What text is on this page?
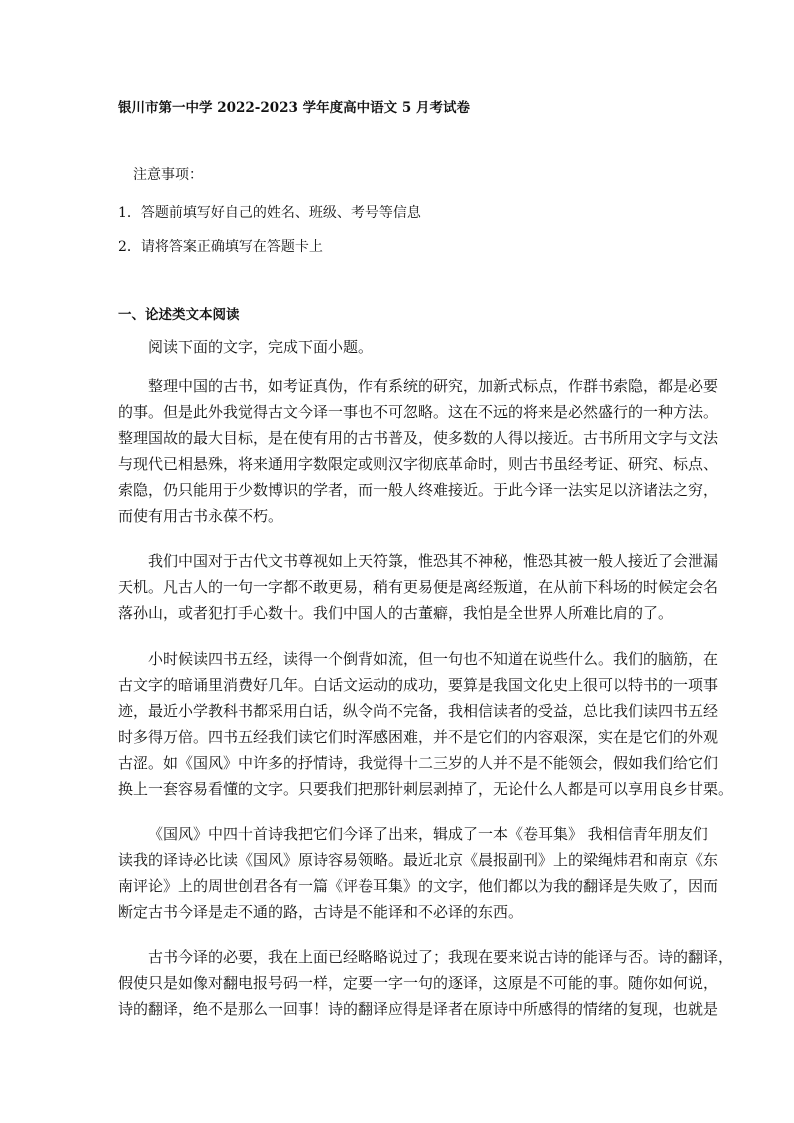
银川市第一中学 2022-2023 学年度高中语文 5 月考试卷
注意事项：
1．答题前填写好自己的姓名、班级、考号等信息
2．请将答案正确填写在答题卡上
一、论述类文本阅读
阅读下面的文字，完成下面小题。
整理中国的古书，如考证真伪，作有系统的研究，加新式标点，作群书索隐，都是必要
的事。但是此外我觉得古文今译一事也不可忽略。这在不远的将来是必然盛行的一种方法。
整理国故的最大目标，是在使有用的古书普及，使多数的人得以接近。古书所用文字与文法
与现代已相悬殊，将来通用字数限定或则汉字彻底革命时，则古书虽经考证、研究、标点、
索隐，仍只能用于少数博识的学者，而一般人终难接近。于此今译一法实足以济诸法之穷，
而使有用古书永葆不朽。
我们中国对于古代文书尊视如上天符箓，惟恐其不神秘，惟恐其被一般人接近了会泄漏
天机。凡古人的一句一字都不敢更易，稍有更易便是离经叛道，在从前下科场的时候定会名
落孙山，或者犯打手心数十。我们中国人的古董癖，我怕是全世界人所难比肩的了。
小时候读四书五经，读得一个倒背如流，但一句也不知道在说些什么。我们的脑筋，在
古文字的暗诵里消费好几年。白话文运动的成功，要算是我国文化史上很可以特书的一项事
迹，最近小学教科书都采用白话，纵令尚不完备，我相信读者的受益，总比我们读四书五经
时多得万倍。四书五经我们读它们时浑感困难，并不是它们的内容艰深，实在是它们的外观
古涩。如《国风》中许多的抒情诗，我觉得十二三岁的人并不是不能领会，假如我们给它们
换上一套容易看懂的文字。只要我们把那针刺层剥掉了，无论什么人都是可以享用良乡甘栗。
《国风》中四十首诗我把它们今译了出来，辑成了一本《卷耳集》 我相信青年朋友们
读我的译诗必比读《国风》原诗容易领略。最近北京《晨报副刊》上的梁绳炜君和南京《东
南评论》上的周世创君各有一篇《评卷耳集》的文字，他们都以为我的翻译是失败了，因而
断定古书今译是走不通的路，古诗是不能译和不必译的东西。
古书今译的必要，我在上面已经略略说过了；我现在要来说古诗的能译与否。诗的翻译，
假使只是如像对翻电报号码一样，定要一字一句的逐译，这原是不可能的事。随你如何说，
诗的翻译，绝不是那么一回事！诗的翻译应得是译者在原诗中所感得的情绪的复现，也就是
